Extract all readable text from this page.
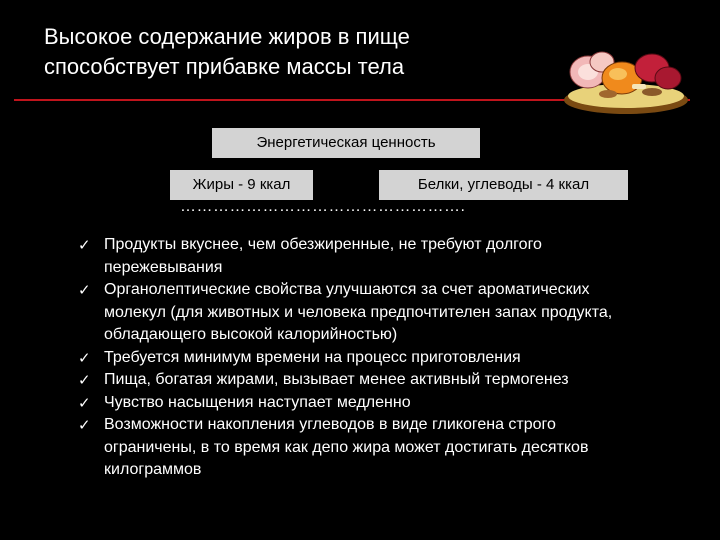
Высокое содержание жиров в пище
способствует прибавке массы тела
Энергетическая ценность
Жиры - 9 ккал	Белки, углеводы - 4 ккал
…………………………………………….
✓ Продукты вкуснее, чем обезжиренные, не требуют долгого пережевывания
✓ Органолептические свойства улучшаются за счет ароматических молекул (для животных и человека предпочтителен запах продукта, обладающего высокой калорийностью)
✓ Требуется минимум времени на процесс приготовления
✓ Пища, богатая жирами, вызывает менее активный термогенез
✓ Чувство насыщения наступает медленно
✓ Возможности накопления углеводов в виде гликогена строго ограничены, в то время как депо жира может достигать десятков килограммов
